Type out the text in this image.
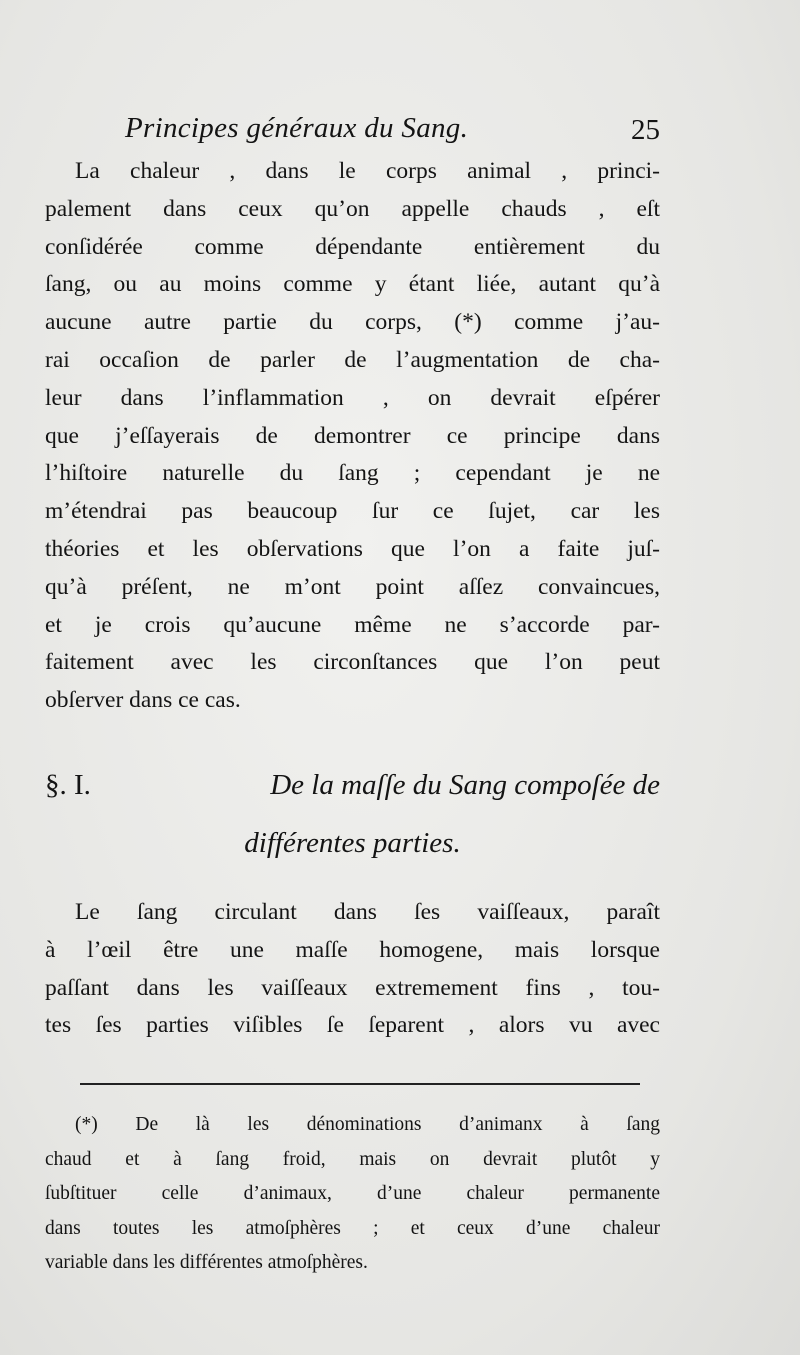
Principes généraux du Sang.	25
La chaleur , dans le corps animal , princi-
palement dans ceux qu’on appelle chauds , eſt
conſidérée comme dépendante entièrement du
ſang, ou au moins comme y étant liée, autant qu’à
aucune autre partie du corps, (*) comme j’au-
rai occaſion de parler de l’augmentation de cha-
leur dans l’inflammation , on devrait eſpérer
que j’eſſayerais de demontrer ce principe dans
l’hiſtoire naturelle du ſang ; cependant je ne
m’étendrai pas beaucoup ſur ce ſujet, car les
théories et les obſervations que l’on a faite juſ-
qu’à préſent, ne m’ont point aſſez convaincues,
et je crois qu’aucune même ne s’accorde par-
faitement avec les circonſtances que l’on peut
obſerver dans ce cas.
§. I.	De la maſſe du Sang compoſée de
différentes parties.
Le ſang circulant dans ſes vaiſſeaux, paraît
à l’œil être une maſſe homogene, mais lorsque
paſſant dans les vaiſſeaux extremement fins , tou-
tes ſes parties viſibles ſe ſeparent , alors vu avec
(*) De là les dénominations d’animanx à ſang
chaud et à ſang froid, mais on devrait plutôt y
ſubſtituer celle d’animaux, d’une chaleur permanente
dans toutes les atmoſphères ; et ceux d’une chaleur
variable dans les différentes atmoſphères.
